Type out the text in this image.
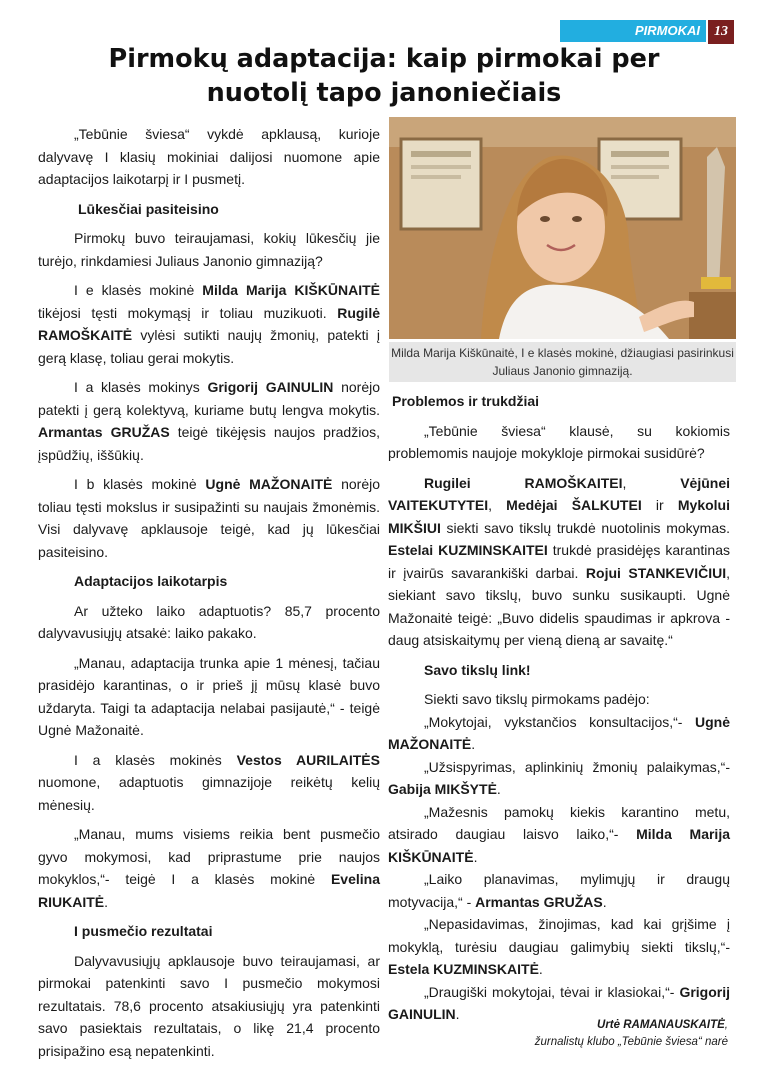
PIRMOKAI	13
Pirmokų adaptacija: kaip pirmokai per
nuotolį tapo janoniečiais

„Tebūnie šviesa“ vykdė apklausą, kurioje dalyvavę I klasių mokiniai dalijosi nuomone apie adaptacijos laikotarpį ir I pusmetį.

Lūkesčiai pasiteisino

Pirmokų buvo teiraujamasi, kokių lūkesčių jie turėjo, rinkdamiesi Juliaus Janonio gimnaziją?

I e klasės mokinė Milda Marija KIŠKŪNAITĖ tikėjosi tęsti mokymąsį ir toliau muzikuoti. Rugilė RAMOŠKAITĖ vylėsi sutikti naujų žmonių, patekti į gerą klasę, toliau gerai mokytis.

I a klasės mokinys Grigorij GAINULIN norėjo patekti į gerą kolektyvą, kuriame butų lengva mokytis. Armantas GRUŽAS teigė tikėjęsis naujos pradžios, įspūdžių, iššūkių.

I b klasės mokinė Ugnė MAŽONAITĖ norėjo toliau tęsti mokslus ir susipažinti su naujais žmonėmis. Visi dalyvavę apklausoje teigė, kad jų lūkesčiai pasiteisino.

Adaptacijos laikotarpis

Ar užteko laiko adaptuotis? 85,7 procento dalyvavusiųjų atsakė: laiko pakako.

„Manau, adaptacija trunka apie 1 mėnesį, tačiau prasidėjo karantinas, o ir prieš jį mūsų klasė buvo uždaryta. Taigi ta adaptacija nelabai pasijautė,“ - teigė Ugnė Mažonaitė.

I a klasės mokinės Vestos AURILAITĖS nuomone, adaptuotis gimnazijoje reikėtų kelių mėnesių.

„Manau, mums visiems reikia bent pusmečio gyvo mokymosi, kad priprastume prie naujos mokyklos,“- teigė I a klasės mokinė Evelina RIUKAITĖ.

I pusmečio rezultatai

Dalyvavusiųjų apklausoje buvo teiraujamasi, ar pirmokai patenkinti savo I pusmečio mokymosi rezultatais. 78,6 procento atsakiusiųjų yra patenkinti savo pasiektais rezultatais, o likę 21,4 procento prisipažino esą nepatenkinti.

Milda Marija Kiškūnaitė, I e klasės mokinė, džiaugiasi pasirinkusi Juliaus Janonio gimnaziją.
Problemos ir trukdžiai

„Tebūnie šviesa“ klausė, su kokiomis problemomis naujoje mokykloje pirmokai susidūrė?

Rugilei RAMOŠKAITEI, Vėjūnei VAITEKUTYTEI, Medėjai ŠALKUTEI ir Mykolui MIKŠIUI siekti savo tikslų trukdė nuotolinis mokymas. Estelai KUZMINSKAITEI trukdė prasidėjęs karantinas ir įvairūs savarankiški darbai. Rojui STANKEVIČIUI, siekiant savo tikslų, buvo sunku susikaupti. Ugnė Mažonaitė teigė: „Buvo didelis spaudimas ir apkrova - daug atsiskaitymų per vieną dieną ar savaitę.“

Savo tikslų link!

Siekti savo tikslų pirmokams padėjo:

„Mokytojai, vykstančios konsultacijos,“- Ugnė MAŽONAITĖ.

„Užsispyrimas, aplinkinių žmonių palaikymas,“- Gabija MIKŠYTĖ.

„Mažesnis pamokų kiekis karantino metu, atsirado daugiau laisvo laiko,“- Milda Marija KIŠKŪNAITĖ.

„Laiko planavimas, mylimųjų ir draugų motyvacija,“ - Armantas GRUŽAS.

„Nepasidavimas, žinojimas, kad kai grįšime į mokyklą, turėsiu daugiau galimybių siekti tikslų,“- Estela KUZMINSKAITĖ.

„Draugiški mokytojai, tėvai ir klasiokai,“- Grigorij GAINULIN.

Urtė RAMANAUSKAITĖ,
žurnalistų klubo „Tebūnie šviesa“ narė
